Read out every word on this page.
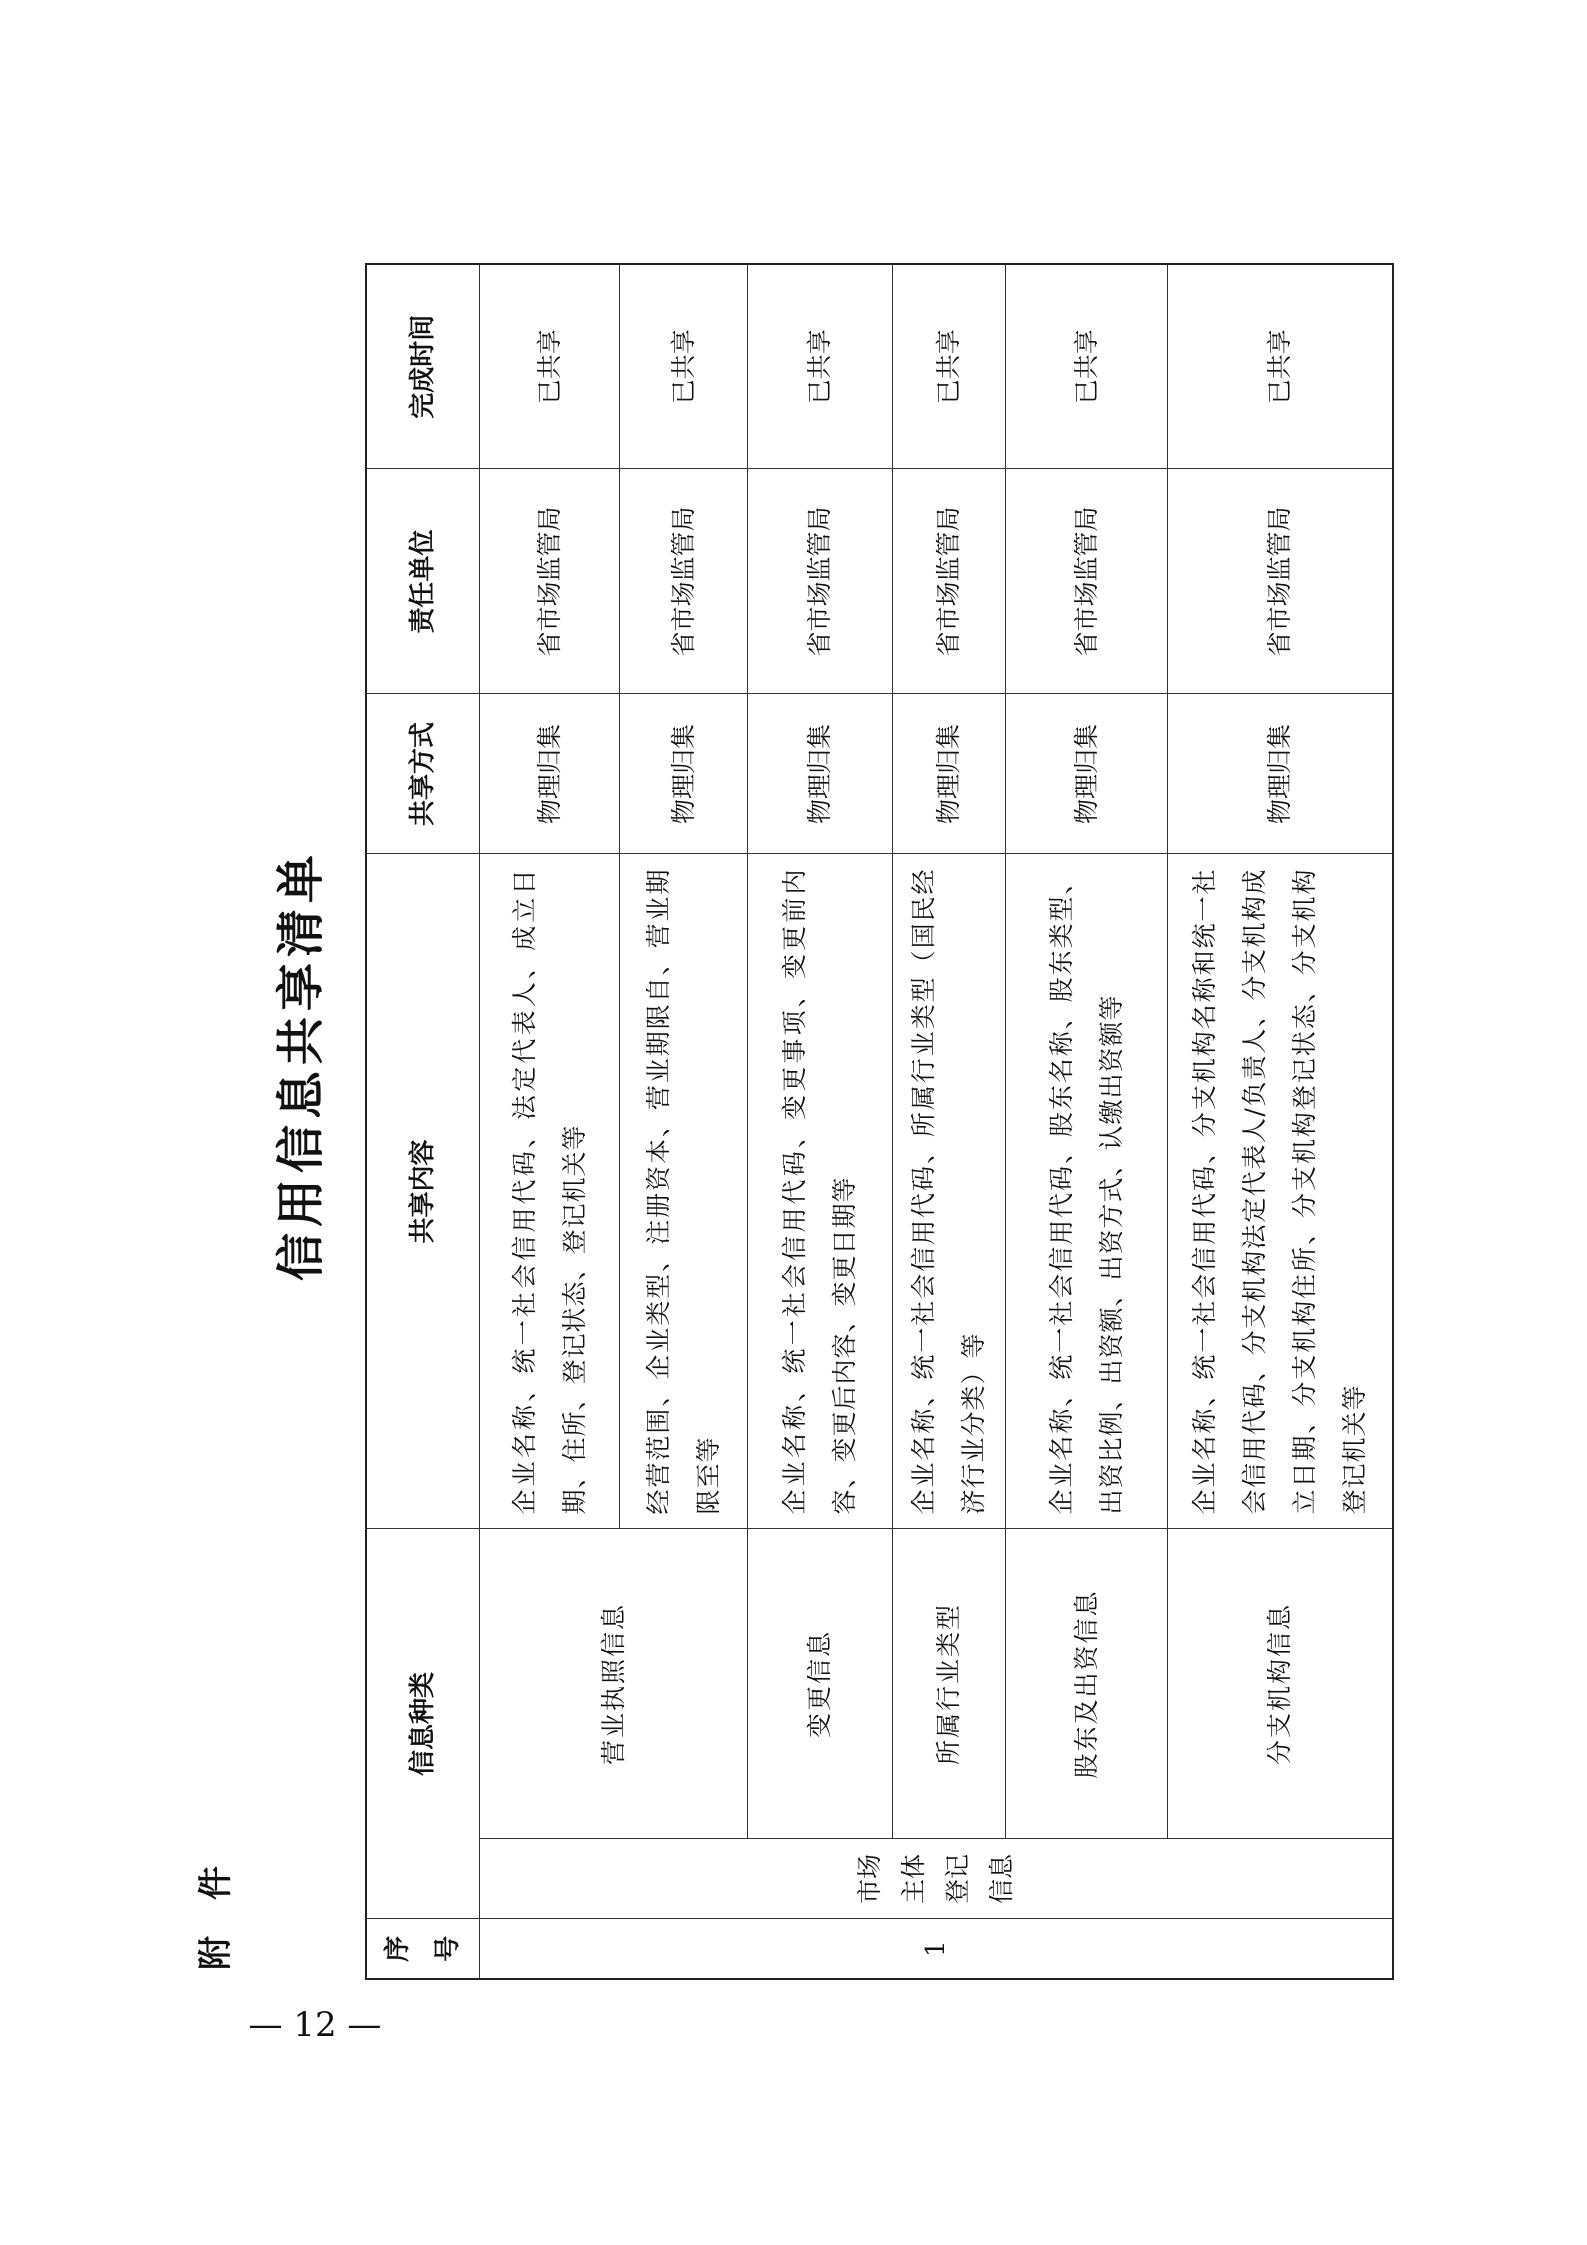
— 12 —
附件
信用信息共享清单
序号	信息种类		共享内容	共享方式	责任单位	完成时间
1	市场 主体 登记 信息	营业执照信息	企业名称、统一社会信用代码、法定代表人、成立日期、住所、登记状态、登记机关等	物理归集	省市场监管局	已共享
			经营范围、企业类型、注册资本、营业期限自、营业期限至等	物理归集	省市场监管局	已共享
		变更信息	企业名称、统一社会信用代码、变更事项、变更前内容、变更后内容、变更日期等	物理归集	省市场监管局	已共享
		所属行业类型	企业名称、统一社会信用代码、所属行业类型（国民经济行业分类）等	物理归集	省市场监管局	已共享
		股东及出资信息	企业名称、统一社会信用代码、股东名称、股东类型、出资比例、出资额、出资方式、认缴出资额等	物理归集	省市场监管局	已共享
		分支机构信息	企业名称、统一社会信用代码、分支机构名称和统一社会信用代码、分支机构法定代表人/负责人、分支机构成立日期、分支机构住所、分支机构登记状态、分支机构登记机关等	物理归集	省市场监管局	已共享
